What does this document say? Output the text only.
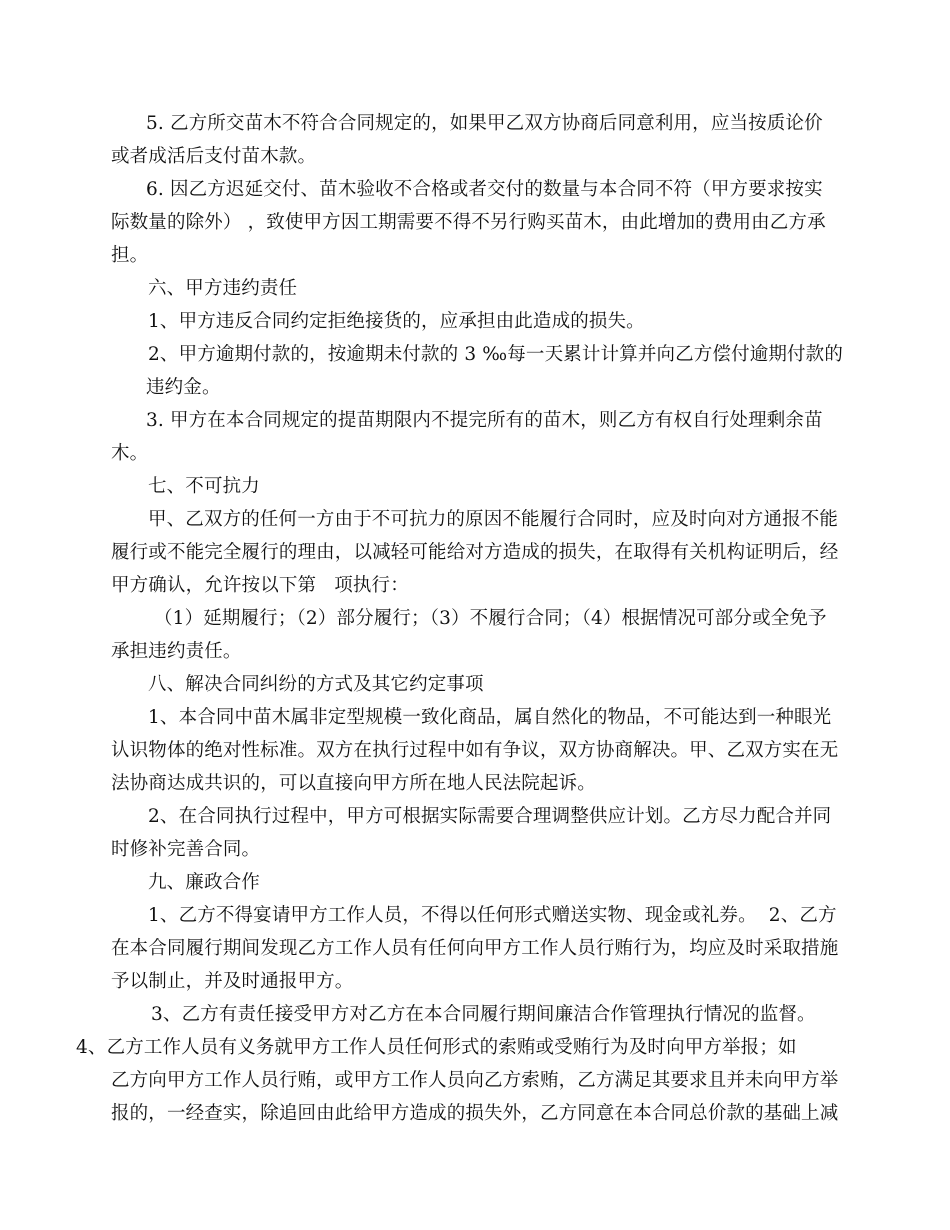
5. 乙方所交苗木不符合合同规定的，如果甲乙双方协商后同意利用，应当按质论价
或者成活后支付苗木款。
6. 因乙方迟延交付、苗木验收不合格或者交付的数量与本合同不符（甲方要求按实
际数量的除外） ，致使甲方因工期需要不得不另行购买苗木，由此增加的费用由乙方承
担。
六、甲方违约责任
1、甲方违反合同约定拒绝接货的，应承担由此造成的损失。
2、甲方逾期付款的，按逾期未付款的 3 ‰每一天累计计算并向乙方偿付逾期付款的
违约金。
3. 甲方在本合同规定的提苗期限内不提完所有的苗木，则乙方有权自行处理剩余苗
木。
七、不可抗力
甲、乙双方的任何一方由于不可抗力的原因不能履行合同时，应及时向对方通报不能
履行或不能完全履行的理由，以减轻可能给对方造成的损失，在取得有关机构证明后，经
甲方确认，允许按以下第   项执行：
（1）延期履行；（2）部分履行；（3）不履行合同；（4）根据情况可部分或全免予
承担违约责任。
八、解决合同纠纷的方式及其它约定事项
1、本合同中苗木属非定型规模一致化商品，属自然化的物品，不可能达到一种眼光
认识物体的绝对性标准。双方在执行过程中如有争议，双方协商解决。甲、乙双方实在无
法协商达成共识的，可以直接向甲方所在地人民法院起诉。
2、在合同执行过程中，甲方可根据实际需要合理调整供应计划。乙方尽力配合并同
时修补完善合同。
九、廉政合作
1、乙方不得宴请甲方工作人员，不得以任何形式赠送实物、现金或礼券。  2、乙方
在本合同履行期间发现乙方工作人员有任何向甲方工作人员行贿行为，均应及时采取措施
予以制止，并及时通报甲方。
3、乙方有责任接受甲方对乙方在本合同履行期间廉洁合作管理执行情况的监督。
4、乙方工作人员有义务就甲方工作人员任何形式的索贿或受贿行为及时向甲方举报；如
乙方向甲方工作人员行贿，或甲方工作人员向乙方索贿，乙方满足其要求且并未向甲方举
报的，一经查实，除追回由此给甲方造成的损失外，乙方同意在本合同总价款的基础上减
